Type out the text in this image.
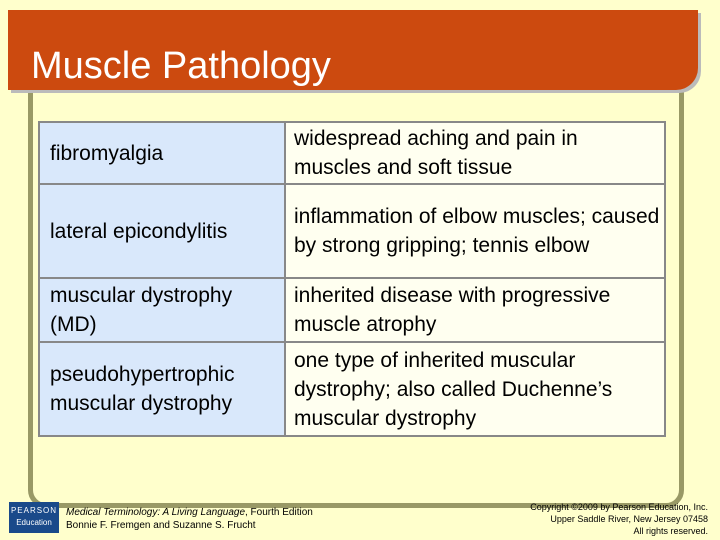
Muscle Pathology
fibromyalgia	widespread aching and pain in muscles and soft tissue
lateral epicondylitis	inflammation of elbow muscles; caused by strong gripping; tennis elbow
muscular dystrophy (MD)	inherited disease with progressive muscle atrophy
pseudohypertrophic muscular dystrophy	one type of inherited muscular dystrophy; also called Duchenne’s muscular dystrophy
PEARSON
Education
Medical Terminology: A Living Language, Fourth Edition
Bonnie F. Fremgen and Suzanne S. Frucht
Copyright ©2009 by Pearson Education, Inc.
Upper Saddle River, New Jersey 07458
All rights reserved.
